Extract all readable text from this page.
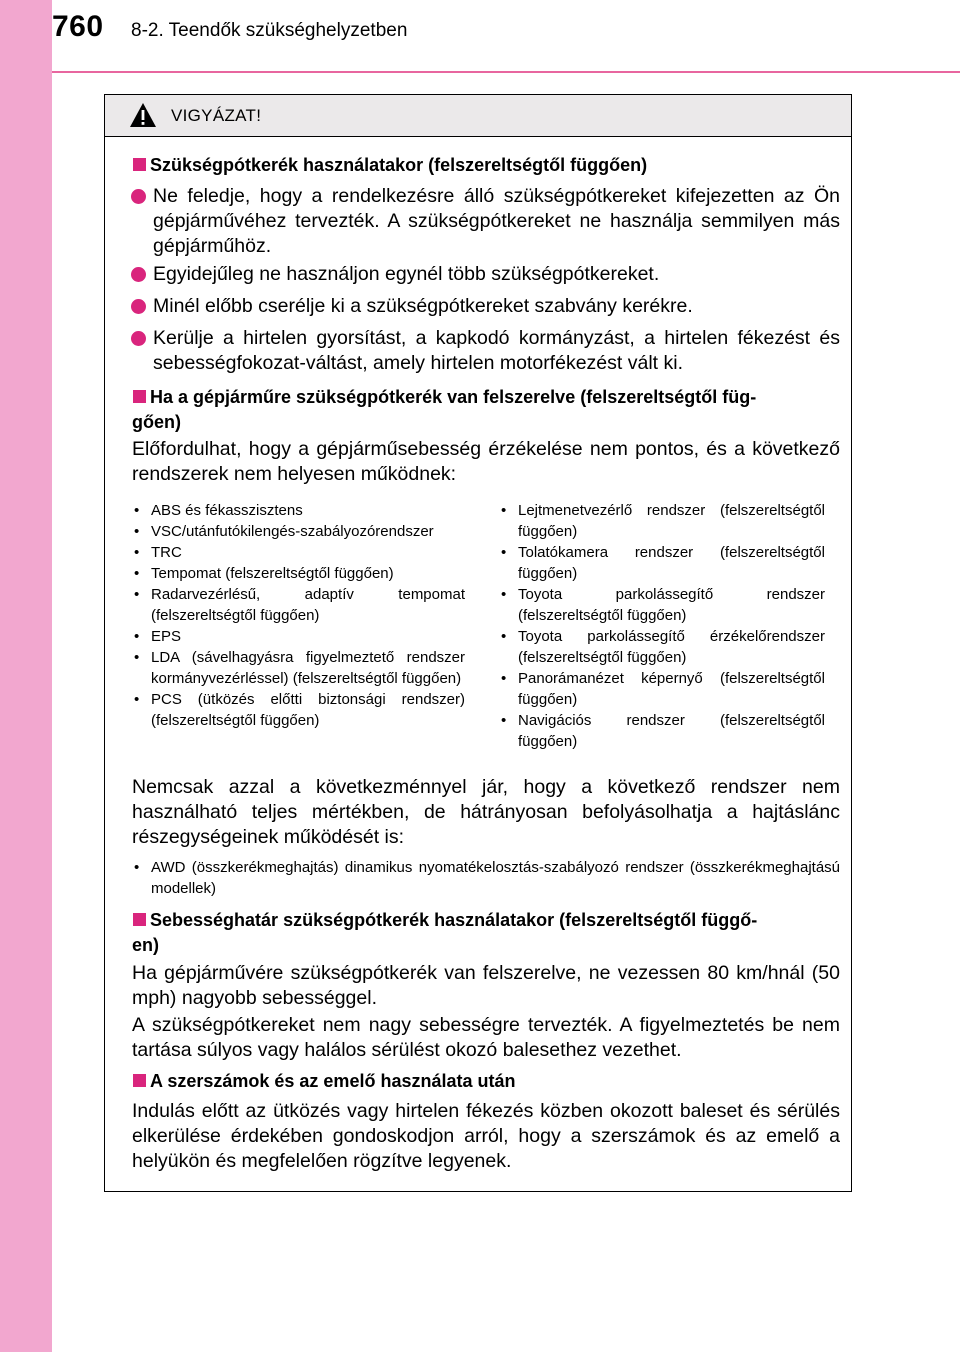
760 8-2. Teendők szükséghelyzetben
VIGYÁZAT!
Szükségpótkerék használatakor (felszereltségtől függően)
Ne feledje, hogy a rendelkezésre álló szükségpótkereket kifejezetten az Ön gépjárművéhez tervezték. A szükségpótkereket ne használja semmilyen más gépjárműhöz.
Egyidejűleg ne használjon egynél több szükségpótkereket.
Minél előbb cserélje ki a szükségpótkereket szabvány kerékre.
Kerülje a hirtelen gyorsítást, a kapkodó kormányzást, a hirtelen fékezést és sebességfokozat-váltást, amely hirtelen motorfékezést vált ki.
Ha a gépjárműre szükségpótkerék van felszerelve (felszereltségtől füg-
gően)
Előfordulhat, hogy a gépjárműsebesség érzékelése nem pontos, és a következő rendszerek nem helyesen működnek:
• ABS és fékasszisztens
• VSC/utánfutókilengés-szabályozórendszer
• TRC
• Tempomat (felszereltségtől függően)
• Radarvezérlésű, adaptív tempomat (felszereltségtől függően)
• EPS
• LDA (sávelhagyásra figyelmeztető rendszer kormányvezérléssel) (felszereltségtől függően)
• PCS (ütközés előtti biztonsági rendszer) (felszereltségtől függően)
• Lejtmenetvezérlő rendszer (felszereltségtől függően)
• Tolatókamera rendszer (felszereltségtől függően)
• Toyota parkolássegítő rendszer (felszereltségtől függően)
• Toyota parkolássegítő érzékelőrendszer (felszereltségtől függően)
• Panorámanézet képernyő (felszereltségtől függően)
• Navigációs rendszer (felszereltségtől függően)
Nemcsak azzal a következménnyel jár, hogy a következő rendszer nem használható teljes mértékben, de hátrányosan befolyásolhatja a hajtáslánc részegységeinek működését is:
• AWD (összkerékmeghajtás) dinamikus nyomatékelosztás-szabályozó rendszer (összkerékmeghajtású modellek)
Sebességhatár szükségpótkerék használatakor (felszereltségtől függő-
en)
Ha gépjárművére szükségpótkerék van felszerelve, ne vezessen 80 km/hnál (50 mph) nagyobb sebességgel.
A szükségpótkereket nem nagy sebességre tervezték. A figyelmeztetés be nem tartása súlyos vagy halálos sérülést okozó balesethez vezethet.
A szerszámok és az emelő használata után
Indulás előtt az ütközés vagy hirtelen fékezés közben okozott baleset és sérülés elkerülése érdekében gondoskodjon arról, hogy a szerszámok és az emelő a helyükön és megfelelően rögzítve legyenek.
